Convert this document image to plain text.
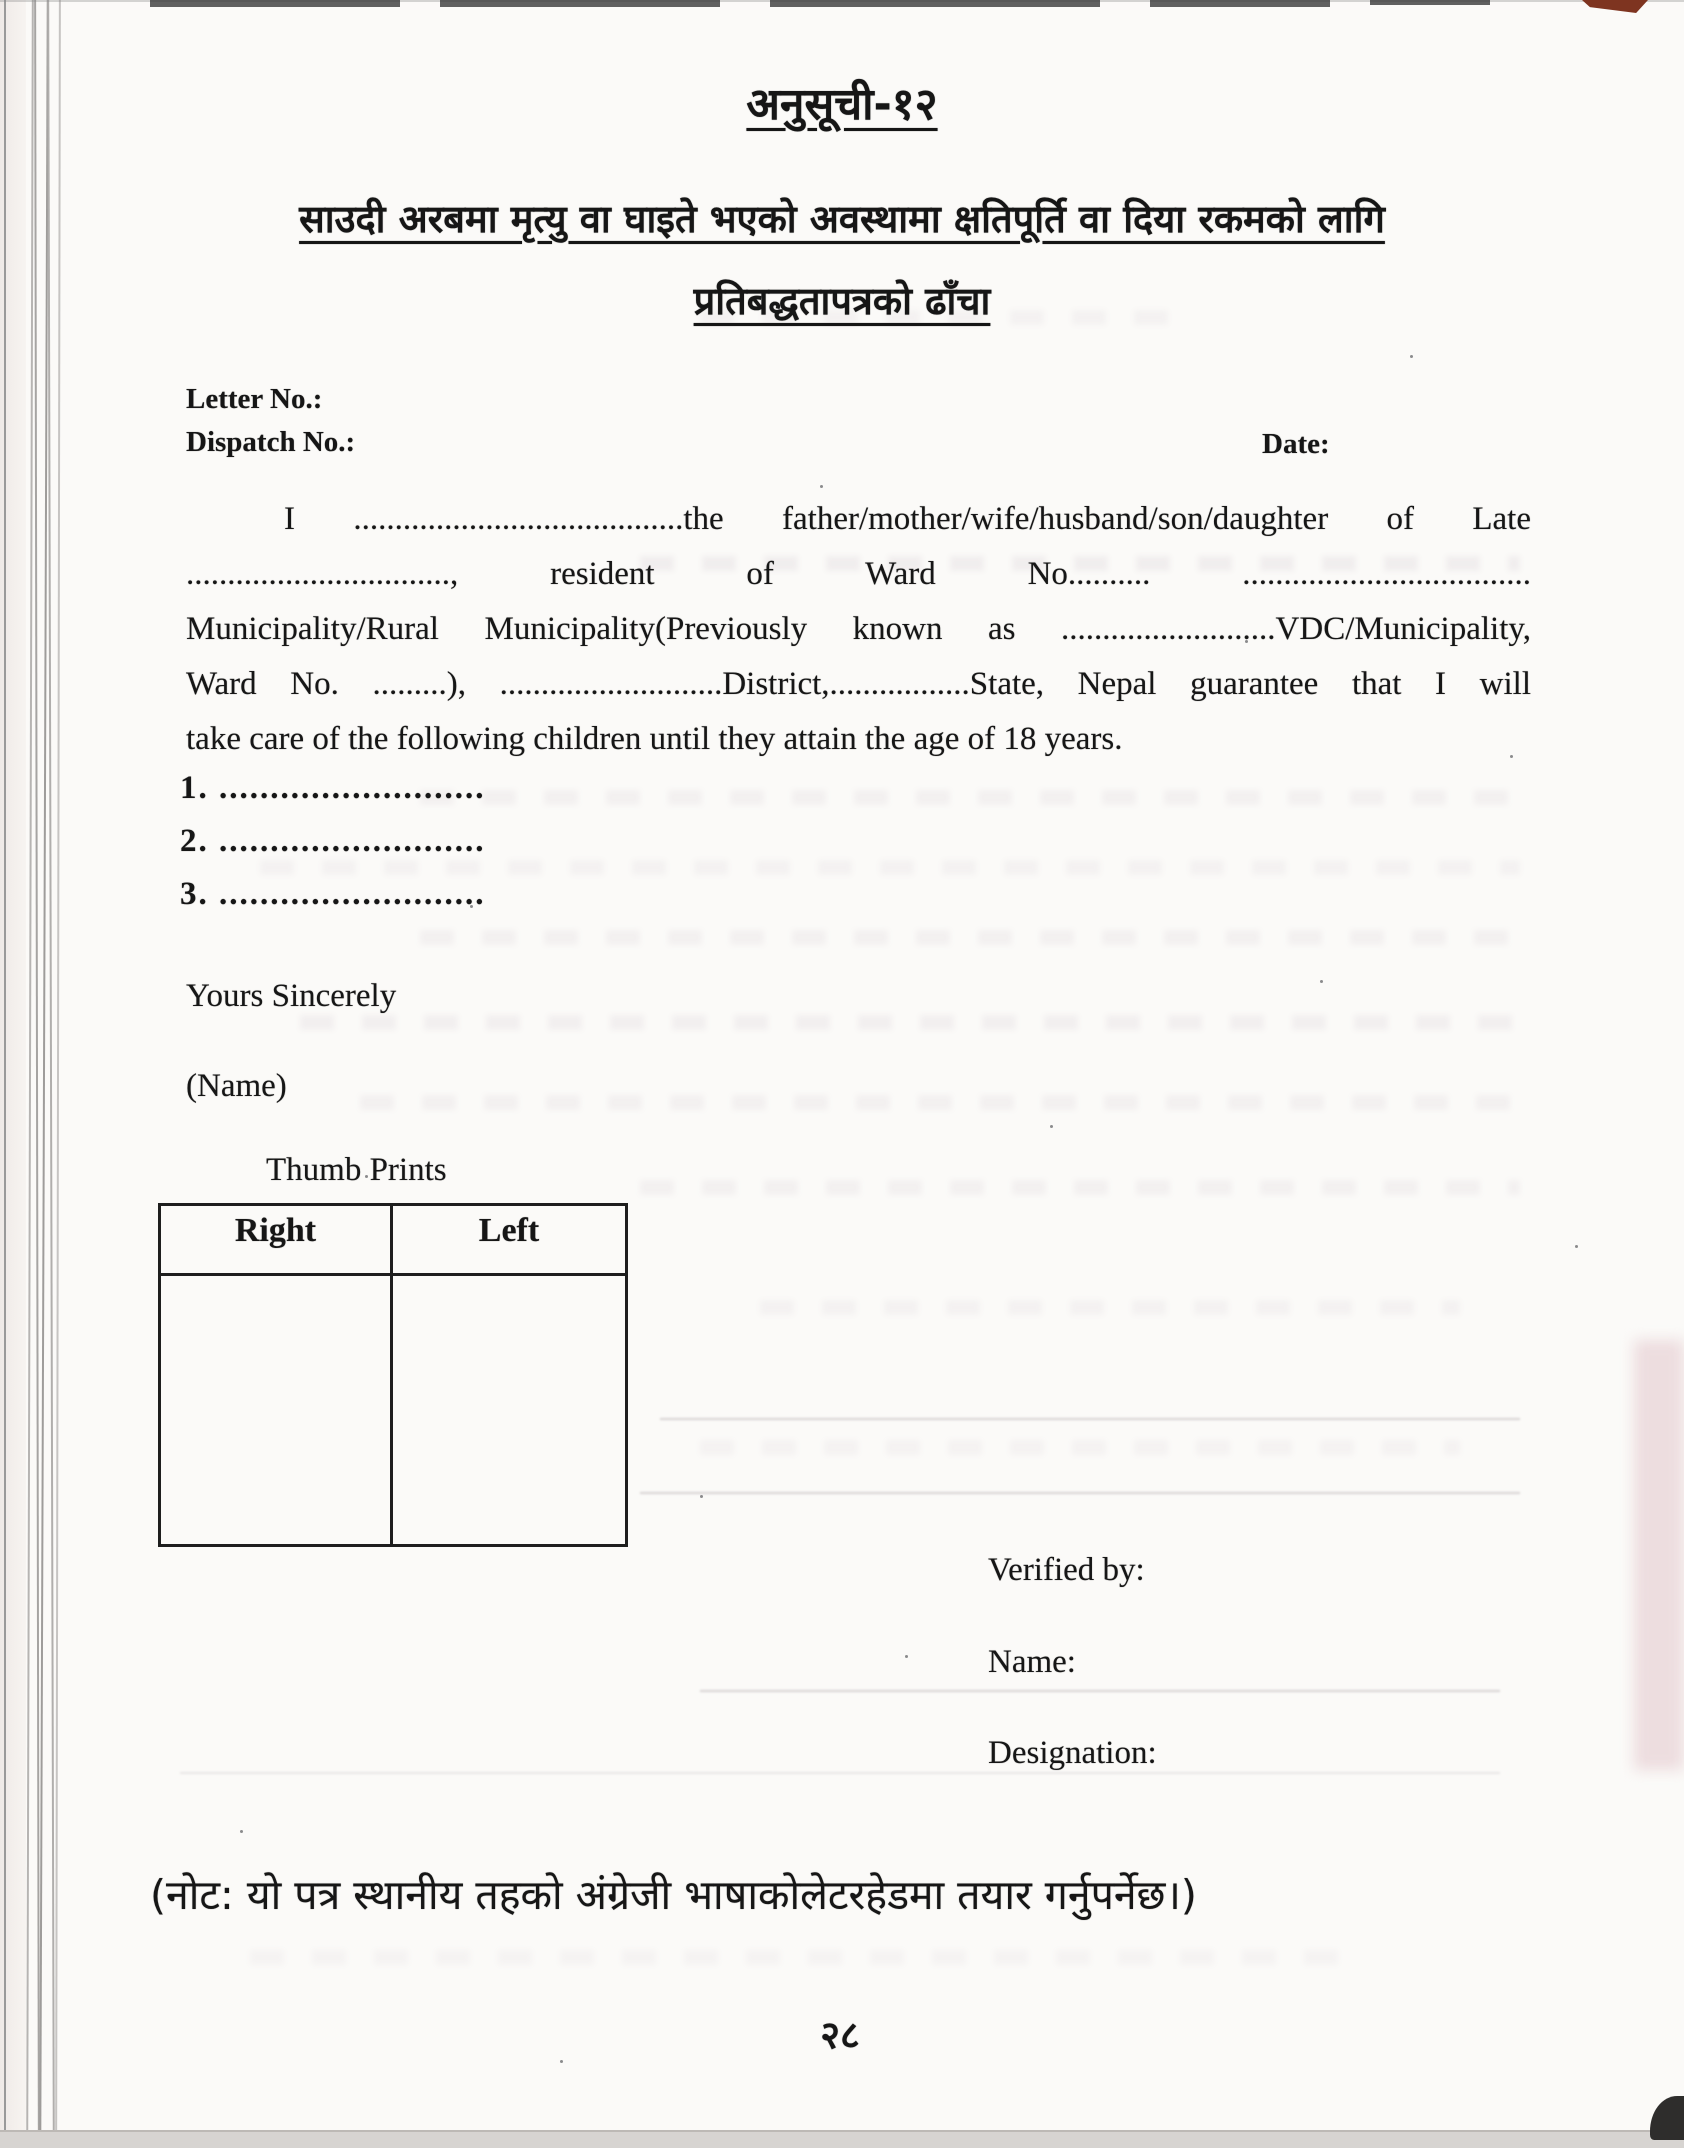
अनुसूची-१२
साउदी अरबमा मृत्यु वा घाइते भएको अवस्थामा क्षतिपूर्ति वा दिया रकमको लागि
प्रतिबद्धतापत्रको ढाँचा
Letter No.:
Dispatch No.:	Date:
I ........................................the father/mother/wife/husband/son/daughter of Late
................................, resident of Ward No.......... ...................................
Municipality/Rural Municipality(Previously known as ..........................VDC/Municipality,
Ward No. .........), ...........................District,.................State, Nepal guarantee that I will
take care of the following children until they attain the age of 18 years.
1. ..........................
2. ..........................
3. ..........................
Yours Sincerely
(Name)
Thumb Prints
Right	Left
Verified by:
Name:
Designation:
(नोट: यो पत्र स्थानीय तहको अंग्रेजी भाषाकोलेटरहेडमा तयार गर्नुपर्नेछ।)
२८
